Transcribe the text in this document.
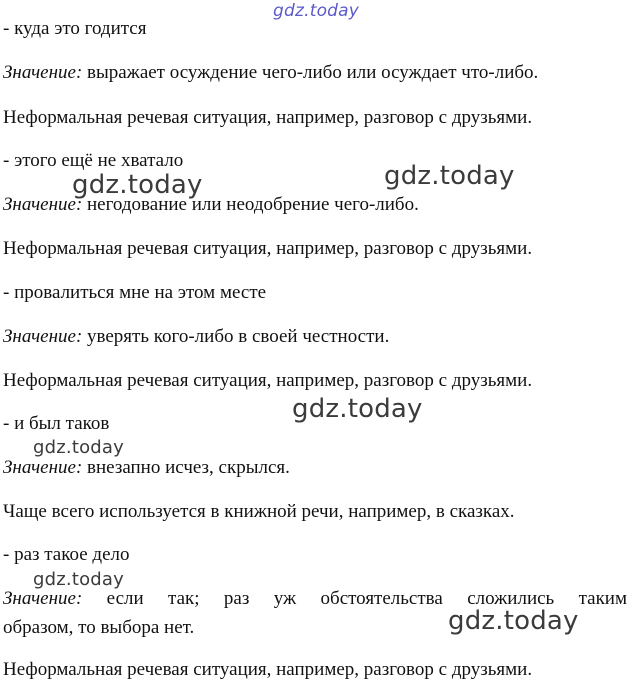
gdz.today
- куда это годится
Значение: выражает осуждение чего-либо или осуждает что-либо.
Неформальная речевая ситуация, например, разговор с друзьями.
- этого ещё не хватало
Значение: негодование или неодобрение чего-либо.
Неформальная речевая ситуация, например, разговор с друзьями.
- провалиться мне на этом месте
Значение: уверять кого-либо в своей честности.
Неформальная речевая ситуация, например, разговор с друзьями.
- и был таков
Значение: внезапно исчез, скрылся.
Чаще всего используется в книжной речи, например, в сказках.
- раз такое дело
Значение: если так; раз уж обстоятельства сложились таким
образом, то выбора нет.
Неформальная речевая ситуация, например, разговор с друзьями.
gdz.today	gdz.today
gdz.today
gdz.today
gdz.today
gdz.today
